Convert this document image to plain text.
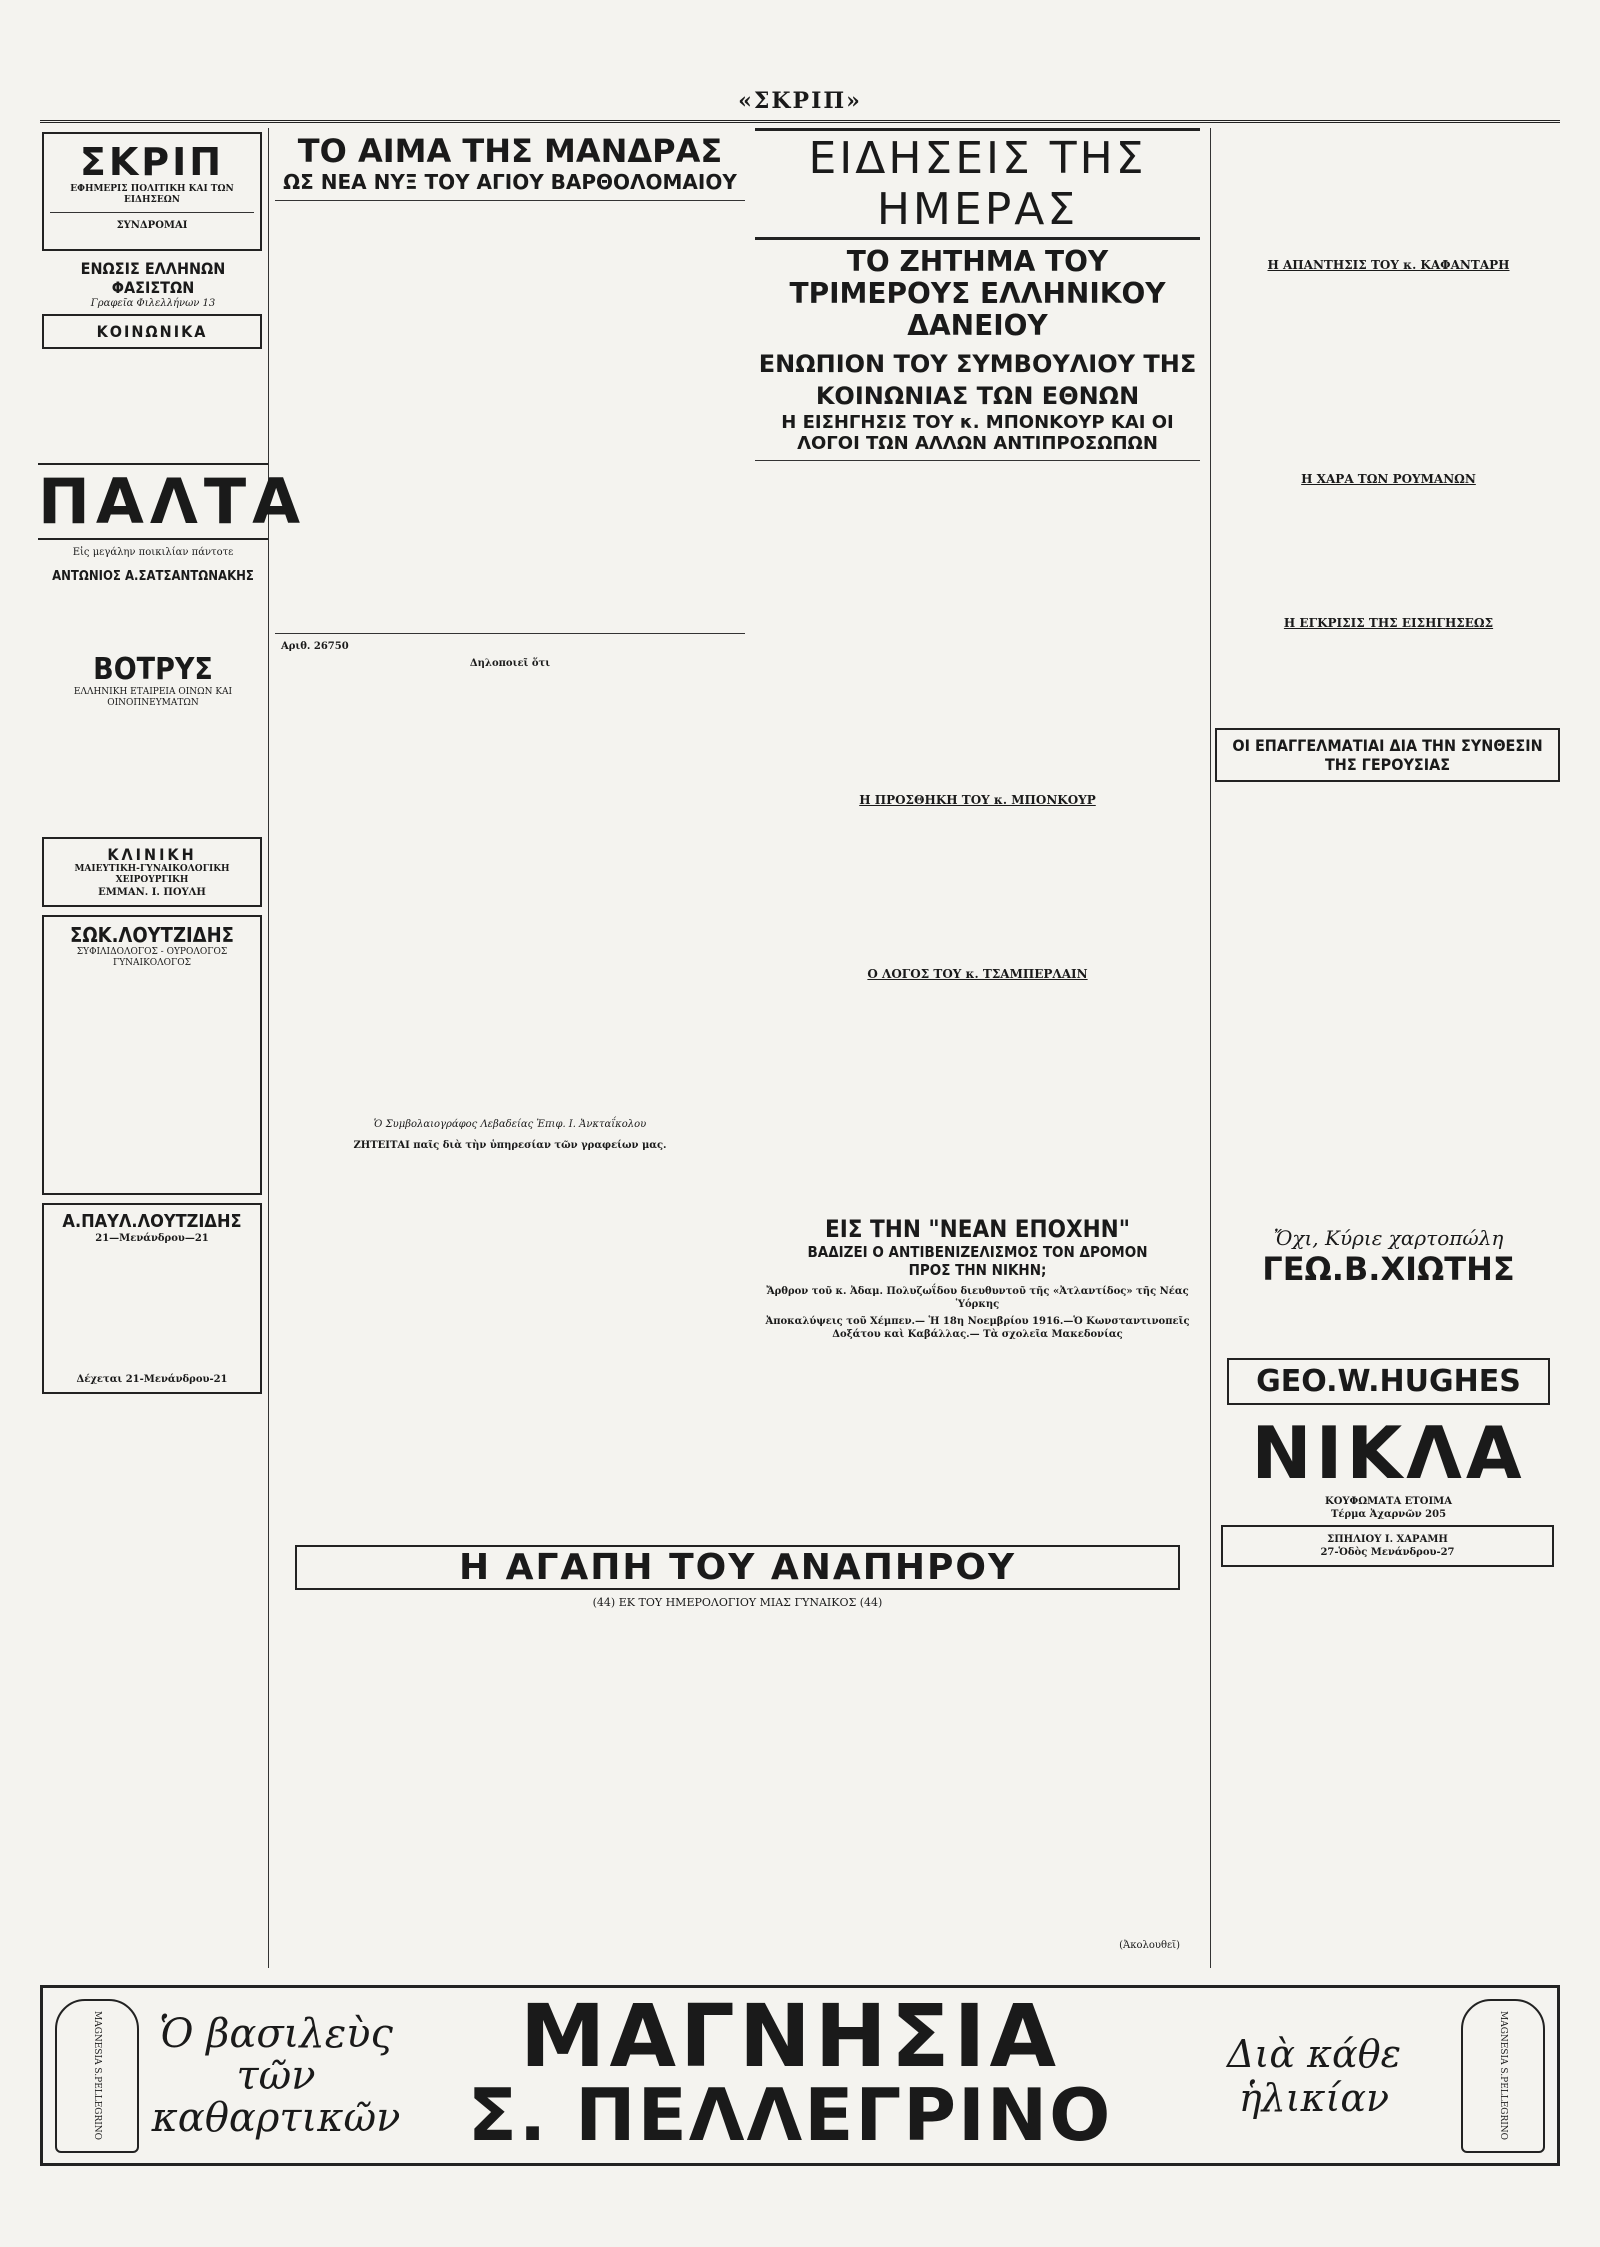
«ΣΚΡΙΠ»
ΣΚΡΙΠ
ΕΦΗΜΕΡΙΣ ΠΟΛΙΤΙΚΗ ΚΑΙ ΤΩΝ ΕΙΔΗΣΕΩΝ
ΣΥΝΔΡΟΜΑΙ

ΕΝΩΣΙΣ ΕΛΛΗΝΩΝ ΦΑΣΙΣΤΩΝ
Γραφεῖα Φιλελλήνων 13
ΚΟΙΝΩΝΙΚΑ
ΠΑΛΤΑ
Εἰς μεγάλην ποικιλίαν πάντοτε
ΑΝΤΩΝΙΟΣ Α.ΣΑΤΣΑΝΤΩΝΑΚΗΣ
ΒΟΤΡΥΣ
ΕΛΛΗΝΙΚΗ ΕΤΑΙΡΕΙΑ ΟΙΝΩΝ ΚΑΙ ΟΙΝΟΠΝΕΥΜΑΤΩΝ
ΚΛΙΝΙΚΗ
ΜΑΙΕΥΤΙΚΗ-ΓΥΝΑΙΚΟΛΟΓΙΚΗ ΧΕΙΡΟΥΡΓΙΚΗ
ΕΜΜΑΝ. Ι. ΠΟΥΛΗ
ΣΩΚ.ΛΟΥΤΖΙΔΗΣ
ΣΥΦΙΛΙΔΟΛΟΓΟΣ - ΟΥΡΟΛΟΓΟΣ ΓΥΝΑΙΚΟΛΟΓΟΣ
Α.ΠΑΥΛ.ΛΟΥΤΖΙΔΗΣ
21—Μενάνδρου—21
Δέχεται 21-Μενάνδρου-21
ΤΟ ΑΙΜΑ ΤΗΣ ΜΑΝΔΡΑΣ
ΩΣ ΝΕΑ ΝΥΞ ΤΟΥ ΑΓΙΟΥ ΒΑΡΘΟΛΟΜΑΙΟΥ
Αριθ. 26750
Δηλοποιεῖ ὅτι
Ὁ Συμβολαιογράφος Λεβαδείας Ἐπιφ. Ι. Ἀνκταΐκολου
ΖΗΤΕΙΤΑΙ παῖς διὰ τὴν ὑπηρεσίαν τῶν γραφείων μας.
ΕΙΔΗΣΕΙΣ ΤΗΣ ΗΜΕΡΑΣ
ΤΟ ΖΗΤΗΜΑ ΤΟΥ ΤΡΙΜΕΡΟΥΣ ΕΛΛΗΝΙΚΟΥ ΔΑΝΕΙΟΥ
ΕΝΩΠΙΟΝ ΤΟΥ ΣΥΜΒΟΥΛΙΟΥ ΤΗΣ ΚΟΙΝΩΝΙΑΣ ΤΩΝ ΕΘΝΩΝ
Η ΕΙΣΗΓΗΣΙΣ ΤΟΥ κ. ΜΠΟΝΚΟΥΡ ΚΑΙ ΟΙ ΛΟΓΟΙ ΤΩΝ ΑΛΛΩΝ ΑΝΤΙΠΡΟΣΩΠΩΝ
Η ΠΡΟΣΘΗΚΗ ΤΟΥ κ. ΜΠΟΝΚΟΥΡ
Ο ΛΟΓΟΣ ΤΟΥ κ. ΤΣΑΜΠΕΡΛΑΙΝ
ΕΙΣ ΤΗΝ "ΝΕΑΝ ΕΠΟΧΗΝ"
ΒΑΔΙΖΕΙ Ο ΑΝΤΙΒΕΝΙΖΕΛΙΣΜΟΣ ΤΟΝ ΔΡΟΜΟΝ
ΠΡΟΣ ΤΗΝ ΝΙΚΗΝ;
Ἄρθρον τοῦ κ. Ἀδαμ. Πολυζωΐδου διευθυντοῦ τῆς «Ἀτλαντίδος» τῆς Νέας Ὑόρκης
Ἀποκαλύψεις τοῦ Χέμπεν.— Ἡ 18η Νοεμβρίου 1916.—Ὁ Κωνσταντινοπεῖς Δοξάτου καὶ Καβάλλας.— Τὰ σχολεῖα Μακεδονίας
Η ΑΠΑΝΤΗΣΙΣ ΤΟΥ κ. ΚΑΦΑΝΤΑΡΗ
Η ΧΑΡΑ ΤΩΝ ΡΟΥΜΑΝΩΝ
Η ΕΓΚΡΙΣΙΣ ΤΗΣ ΕΙΣΗΓΗΣΕΩΣ
ΟΙ ΕΠΑΓΓΕΛΜΑΤΙΑΙ ΔΙΑ ΤΗΝ ΣΥΝΘΕΣΙΝ ΤΗΣ ΓΕΡΟΥΣΙΑΣ
Ὄχι, Κύριε χαρτοπώλη
ΓΕΩ.Β.ΧΙΩΤΗΣ
GEO.W.HUGHES
ΝΙΚΛΑ
ΚΟΥΦΩΜΑΤΑ ΕΤΟΙΜΑ
Τέρμα Ἀχαρνῶν 205
ΣΠΗΛΙΟΥ Ι. ΧΑΡΑΜΗ
27-Ὁδὸς Μενάνδρου-27
Η ΑΓΑΠΗ ΤΟΥ ΑΝΑΠΗΡΟΥ
(44) ΕΚ ΤΟΥ ΗΜΕΡΟΛΟΓΙΟΥ ΜΙΑΣ ΓΥΝΑΙΚΟΣ (44)
(Ἀκολουθεῖ)
MAGNESIA S.PELLEGRINO	Ὁ βασιλεὺς τῶν καθαρτικῶν
ΜΑΓΝΗΣΙΑ
Σ. ΠΕΛΛΕΓΡΙΝΟ
Διὰ κάθε ἡλικίαν	MAGNESIA S.PELLEGRINO
